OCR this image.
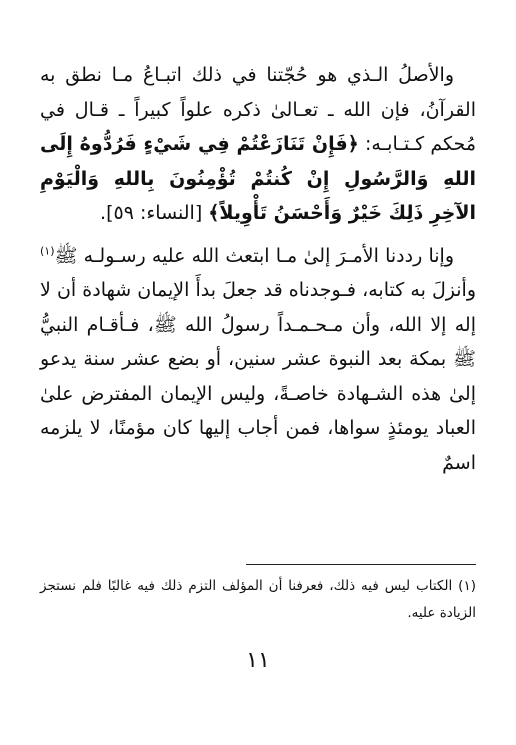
والأصلُ الـذي هو حُجّتنا في ذلك اتبـاعُ مـا نطق به القرآنُ، فإن الله ـ تعـالىٰ ذكره علواً كبيراً ـ قـال في مُحكم كـتـابـه: ﴿فَإِنْ تَنَازَعْتُمْ فِي شَيْءٍ فَرُدُّوهُ إِلَى اللهِ وَالرَّسُولِ إِنْ كُنتُمْ تُؤْمِنُونَ بِاللهِ وَالْيَوْمِ الآخِرِ ذَلِكَ خَيْرٌ وَأَحْسَنُ تَأْوِيلاً﴾ [النساء: ٥٩].

وإنا رددنا الأمـرَ إلىٰ مـا ابتعث الله عليه رسـولـه ﷺ$^{(١)}$ وأنزلَ به كتابه، فـوجدناه قد جعلَ بدأَ الإيمان شهادة أن لا إله إلا الله، وأن مـحـمـداً رسولُ الله ﷺ، فـأقـام النبيُّ ﷺ بمكة بعد النبوة عشر سنين، أو بضع عشر سنة يدعو إلىٰ هذه الشـهادة خاصـةً، وليس الإيمان المفترض علىٰ العباد يومئذٍ سواها، فمن أجاب إليها كان مؤمنًا، لا يلزمه اسمٌ

(١) الكتاب ليس فيه ذلك، فعرفنا أن المؤلف التزم ذلك فيه غالبًا فلم نستجز الزيادة عليه.

١١
